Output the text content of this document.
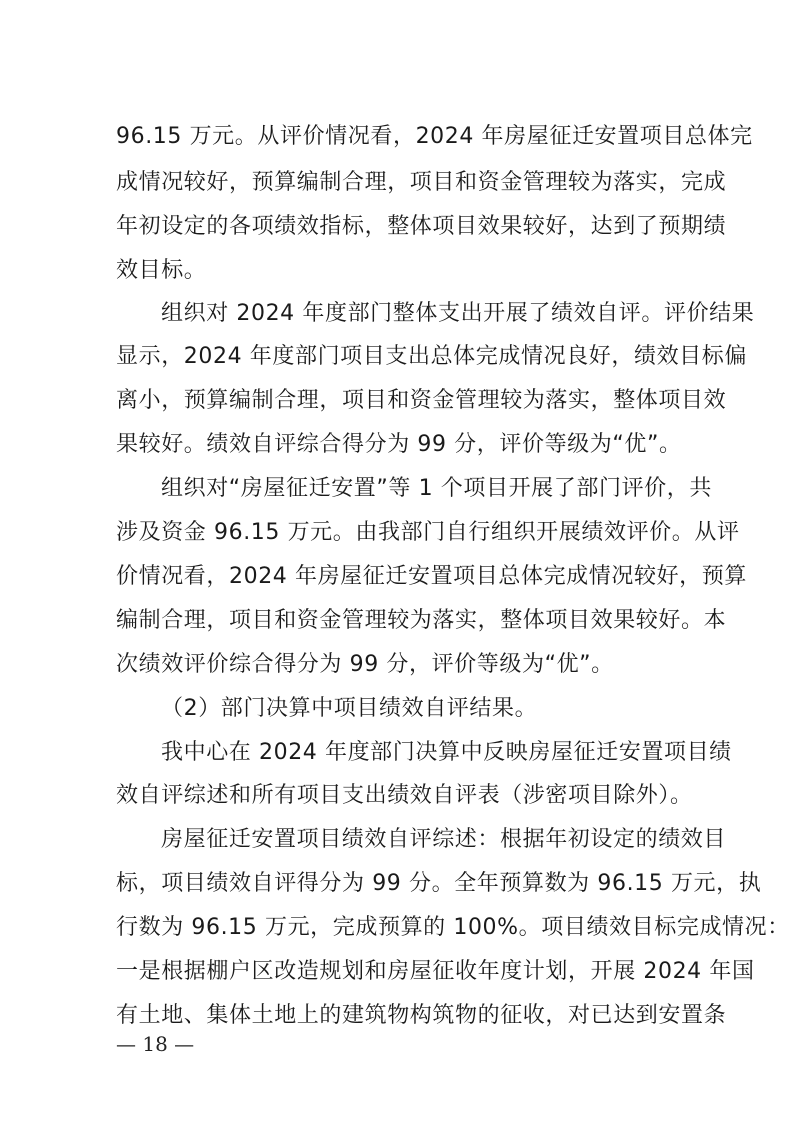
96.15 万元。从评价情况看，2024 年房屋征迁安置项目总体完
成情况较好，预算编制合理，项目和资金管理较为落实，完成
年初设定的各项绩效指标，整体项目效果较好，达到了预期绩
效目标。
组织对 2024 年度部门整体支出开展了绩效自评。评价结果
显示，2024 年度部门项目支出总体完成情况良好，绩效目标偏
离小，预算编制合理，项目和资金管理较为落实，整体项目效
果较好。绩效自评综合得分为 99 分，评价等级为“优”。
组织对“房屋征迁安置”等 1 个项目开展了部门评价，共
涉及资金 96.15 万元。由我部门自行组织开展绩效评价。从评
价情况看，2024 年房屋征迁安置项目总体完成情况较好，预算
编制合理，项目和资金管理较为落实，整体项目效果较好。本
次绩效评价综合得分为 99 分，评价等级为“优”。
（2）部门决算中项目绩效自评结果。
我中心在 2024 年度部门决算中反映房屋征迁安置项目绩
效自评综述和所有项目支出绩效自评表（涉密项目除外）。
房屋征迁安置项目绩效自评综述：根据年初设定的绩效目
标，项目绩效自评得分为 99 分。全年预算数为 96.15 万元，执
行数为 96.15 万元，完成预算的 100%。项目绩效目标完成情况：
一是根据棚户区改造规划和房屋征收年度计划，开展 2024 年国
有土地、集体土地上的建筑物构筑物的征收，对已达到安置条
— 18 —
